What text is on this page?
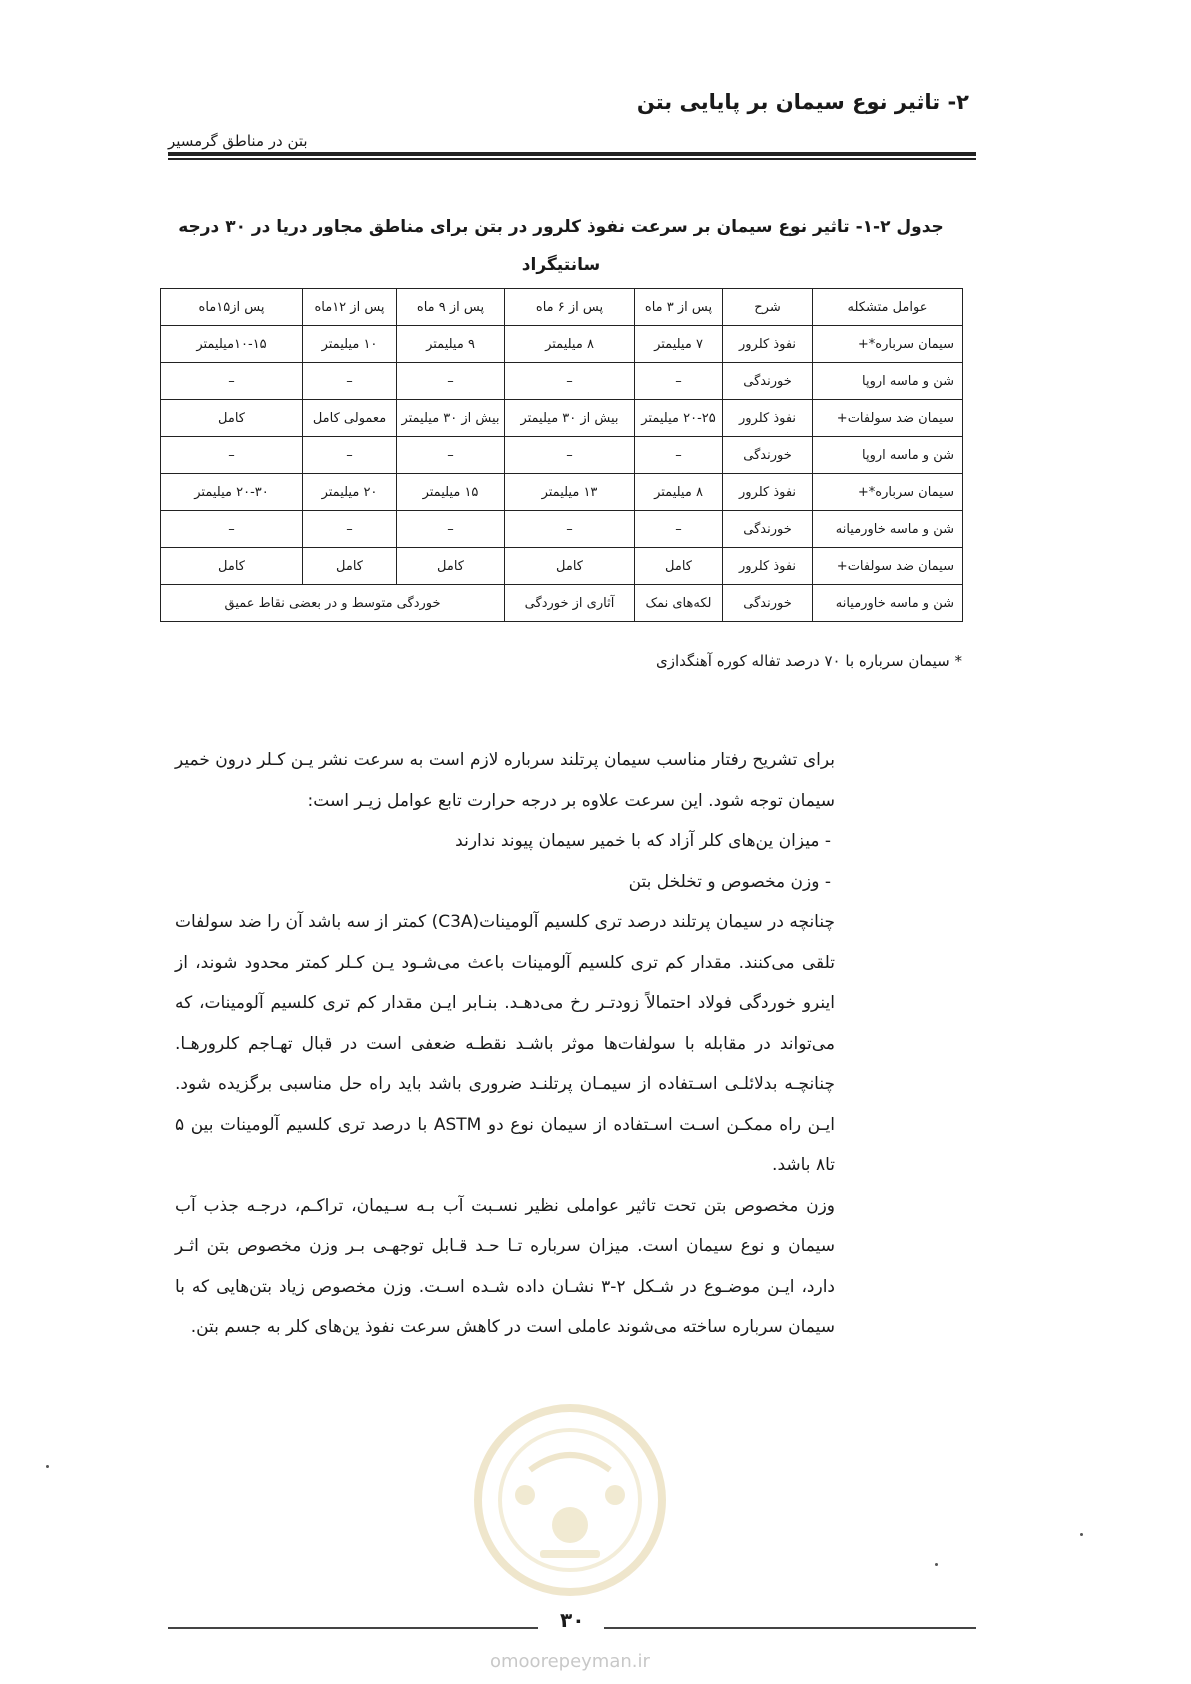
۲- تاثیر نوع سیمان بر پایایی بتن
بتن در مناطق گرمسیر
جدول ۲-۱- تاثیر نوع سیمان بر سرعت نفوذ کلرور در بتن برای مناطق مجاور دریا در ۳۰ درجه سانتیگراد
عوامل متشکله	شرح	پس از ۳ ماه	پس از ۶ ماه	پس از ۹ ماه	پس از ۱۲ماه	پس از۱۵ماه
سیمان سرباره*+	نفوذ کلرور	۷ میلیمتر	۸ میلیمتر	۹ میلیمتر	۱۰ میلیمتر	۱۰-۱۵میلیمتر
شن و ماسه اروپا	خورندگی	–	–	–	–	–
سیمان ضد سولفات+	نفوذ کلرور	۲۰-۲۵ میلیمتر	بیش از ۳۰ میلیمتر	بیش از ۳۰ میلیمتر	معمولی کامل	کامل
شن و ماسه اروپا	خورندگی	–	–	–	–	–
سیمان سرباره*+	نفوذ کلرور	۸ میلیمتر	۱۳ میلیمتر	۱۵ میلیمتر	۲۰ میلیمتر	۲۰-۳۰ میلیمتر
شن و ماسه خاورمیانه	خورندگی	–	–	–	–	–
سیمان ضد سولفات+	نفوذ کلرور	کامل	کامل	کامل	کامل	کامل
شن و ماسه خاورمیانه	خورندگی	لکه‌های نمک	آثاری از خوردگی	خوردگی متوسط و در بعضی نقاط عمیق		
* سیمان سرباره با ۷۰ درصد تفاله کوره آهنگدازی

برای تشریح رفتار مناسب سیمان پرتلند سرباره لازم است به سرعت نشر یـن کـلر درون خمیر سیمان توجه شود. این سرعت علاوه بر درجه حرارت تابع عوامل زیـر است:

- میزان ین‌های کلر آزاد که با خمیر سیمان پیوند ندارند

- وزن مخصوص و تخلخل بتن

چنانچه در سیمان پرتلند درصد تری کلسیم آلومینات(C3A) کمتر از سه باشد آن را ضد سولفات تلقی می‌کنند. مقدار کم تری کلسیم آلومینات باعث می‌شـود یـن کـلر کمتر محدود شوند، از اینرو خوردگی فولاد احتمالاً زودتـر رخ می‌دهـد. بنـابر ایـن مقدار کم تری کلسیم آلومینات، که می‌تواند در مقابله با سولفات‌ها موثر باشـد نقطـه ضعفی است در قبال تهـاجم کلرورهـا. چنانچـه بدلائلـی اسـتفاده از سیمـان پرتلنـد ضروری باشد باید راه حل مناسبی برگزیده شود. ایـن راه ممکـن اسـت اسـتفاده از سیمان نوع دو ASTM با درصد تری کلسیم آلومینات بین ۵ تا۸ باشد.

وزن مخصوص بتن تحت تاثیر عواملی نظیر نسـبت آب بـه سـیمان، تراکـم، درجـه جذب آب سیمان و نوع سیمان است. میزان سرباره تـا حـد قـابل توجهـی بـر وزن مخصوص بتن اثـر دارد، ایـن موضـوع در شـکل ۲-۳ نشـان داده شـده اسـت. وزن مخصوص زیاد بتن‌هایی که با سیمان سرباره ساخته می‌شوند عاملی است در کاهش سرعت نفوذ ین‌های کلر به جسم بتن.

۳۰
omoorepeyman.ir
